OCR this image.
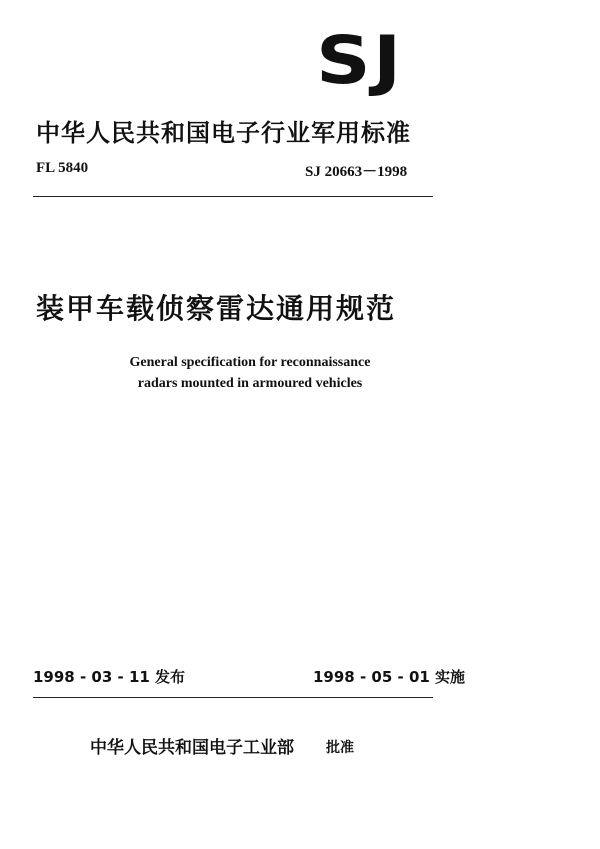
SJ
中华人民共和国电子行业军用标准
FL 5840	SJ 20663－1998
装甲车载侦察雷达通用规范
General specification for reconnaissance
radars mounted in armoured vehicles
1998 - 03 - 11 发布	1998 - 05 - 01 实施
中华人民共和国电子工业部 批准
